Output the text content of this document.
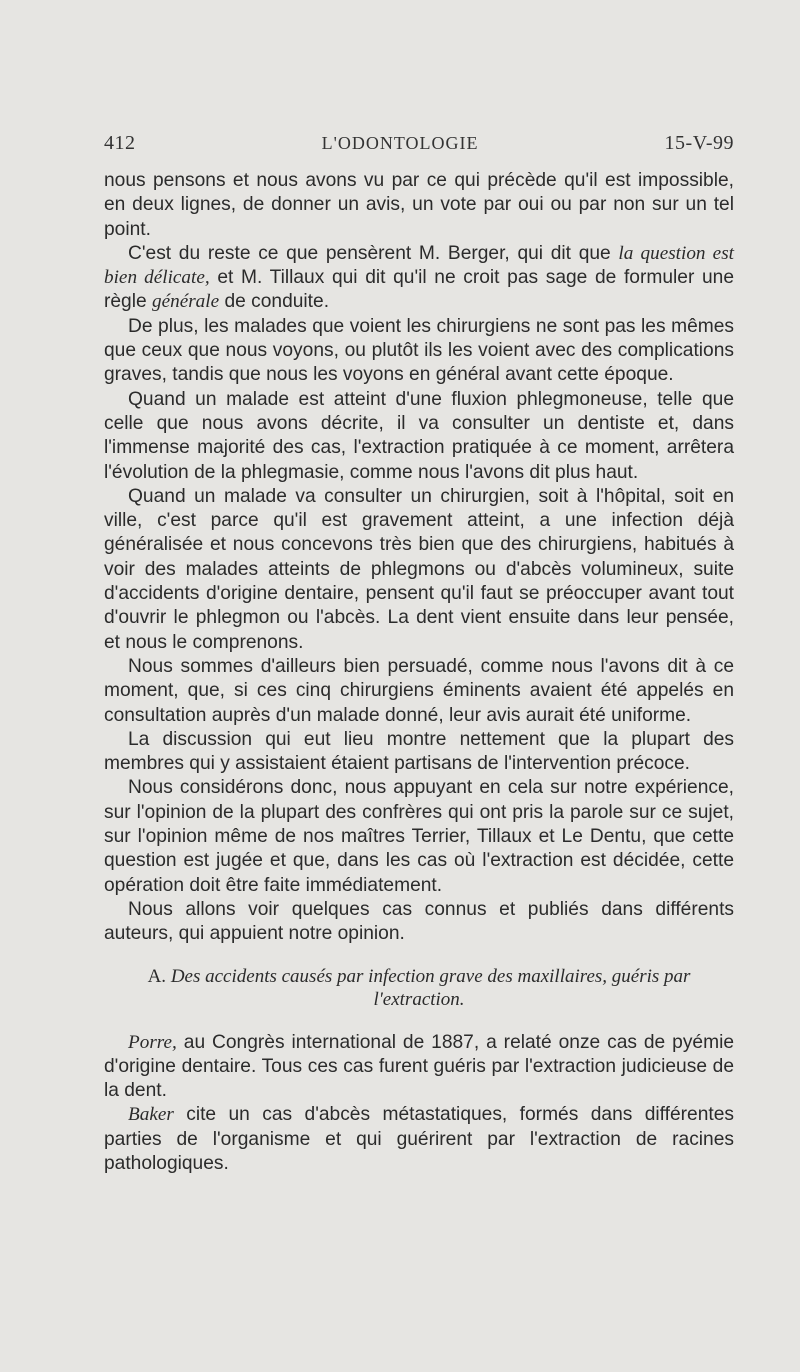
412	L'ODONTOLOGIE	15-V-99

nous pensons et nous avons vu par ce qui précède qu'il est impossible, en deux lignes, de donner un avis, un vote par oui ou par non sur un tel point.

C'est du reste ce que pensèrent M. Berger, qui dit que la question est bien délicate, et M. Tillaux qui dit qu'il ne croit pas sage de formuler une règle générale de conduite.

De plus, les malades que voient les chirurgiens ne sont pas les mêmes que ceux que nous voyons, ou plutôt ils les voient avec des complications graves, tandis que nous les voyons en général avant cette époque.

Quand un malade est atteint d'une fluxion phlegmoneuse, telle que celle que nous avons décrite, il va consulter un dentiste et, dans l'immense majorité des cas, l'extraction pratiquée à ce moment, arrêtera l'évolution de la phlegmasie, comme nous l'avons dit plus haut.

Quand un malade va consulter un chirurgien, soit à l'hôpital, soit en ville, c'est parce qu'il est gravement atteint, a une infection déjà généralisée et nous concevons très bien que des chirurgiens, habitués à voir des malades atteints de phlegmons ou d'abcès volumineux, suite d'accidents d'origine dentaire, pensent qu'il faut se préoccuper avant tout d'ouvrir le phlegmon ou l'abcès. La dent vient ensuite dans leur pensée, et nous le comprenons.

Nous sommes d'ailleurs bien persuadé, comme nous l'avons dit à ce moment, que, si ces cinq chirurgiens éminents avaient été appelés en consultation auprès d'un malade donné, leur avis aurait été uniforme.

La discussion qui eut lieu montre nettement que la plupart des membres qui y assistaient étaient partisans de l'intervention précoce.

Nous considérons donc, nous appuyant en cela sur notre expérience, sur l'opinion de la plupart des confrères qui ont pris la parole sur ce sujet, sur l'opinion même de nos maîtres Terrier, Tillaux et Le Dentu, que cette question est jugée et que, dans les cas où l'extraction est décidée, cette opération doit être faite immédiatement.

Nous allons voir quelques cas connus et publiés dans différents auteurs, qui appuient notre opinion.

A. Des accidents causés par infection grave des maxillaires, guéris par l'extraction.

Porre, au Congrès international de 1887, a relaté onze cas de pyémie d'origine dentaire. Tous ces cas furent guéris par l'extraction judicieuse de la dent.

Baker cite un cas d'abcès métastatiques, formés dans différentes parties de l'organisme et qui guérirent par l'extraction de racines pathologiques.
